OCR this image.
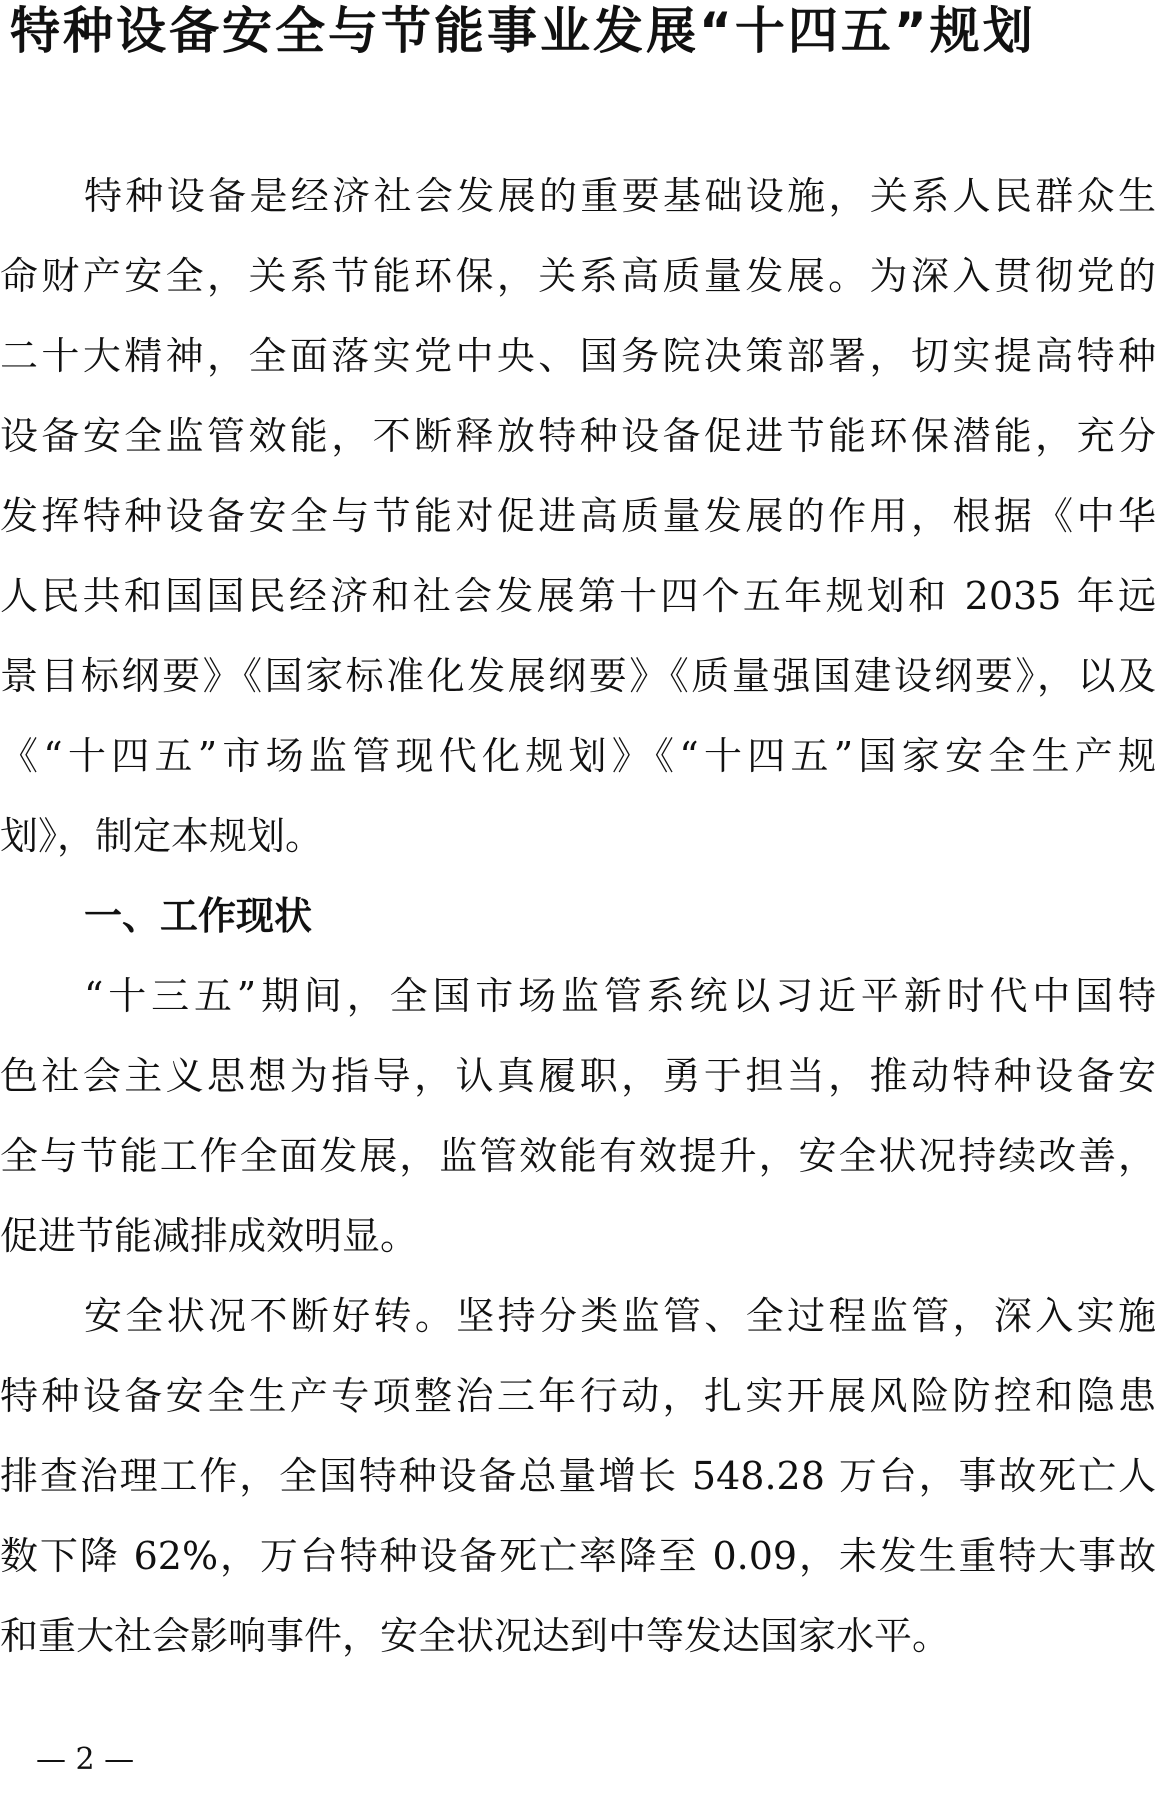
特种设备安全与节能事业发展“十四五”规划
特种设备是经济社会发展的重要基础设施，关系人民群众生
命财产安全，关系节能环保，关系高质量发展。为深入贯彻党的
二十大精神，全面落实党中央、国务院决策部署，切实提高特种
设备安全监管效能，不断释放特种设备促进节能环保潜能，充分
发挥特种设备安全与节能对促进高质量发展的作用，根据《中华
人民共和国国民经济和社会发展第十四个五年规划和 2035 年远
景目标纲要》《国家标准化发展纲要》《质量强国建设纲要》，以及
《“十四五”市场监管现代化规划》《“十四五”国家安全生产规
划》，制定本规划。
一、工作现状
“十三五”期间，全国市场监管系统以习近平新时代中国特
色社会主义思想为指导，认真履职，勇于担当，推动特种设备安
全与节能工作全面发展，监管效能有效提升，安全状况持续改善，
促进节能减排成效明显。
安全状况不断好转。坚持分类监管、全过程监管，深入实施
特种设备安全生产专项整治三年行动，扎实开展风险防控和隐患
排查治理工作，全国特种设备总量增长 548.28 万台，事故死亡人
数下降 62%，万台特种设备死亡率降至 0.09，未发生重特大事故
和重大社会影响事件，安全状况达到中等发达国家水平。
— 2 —
